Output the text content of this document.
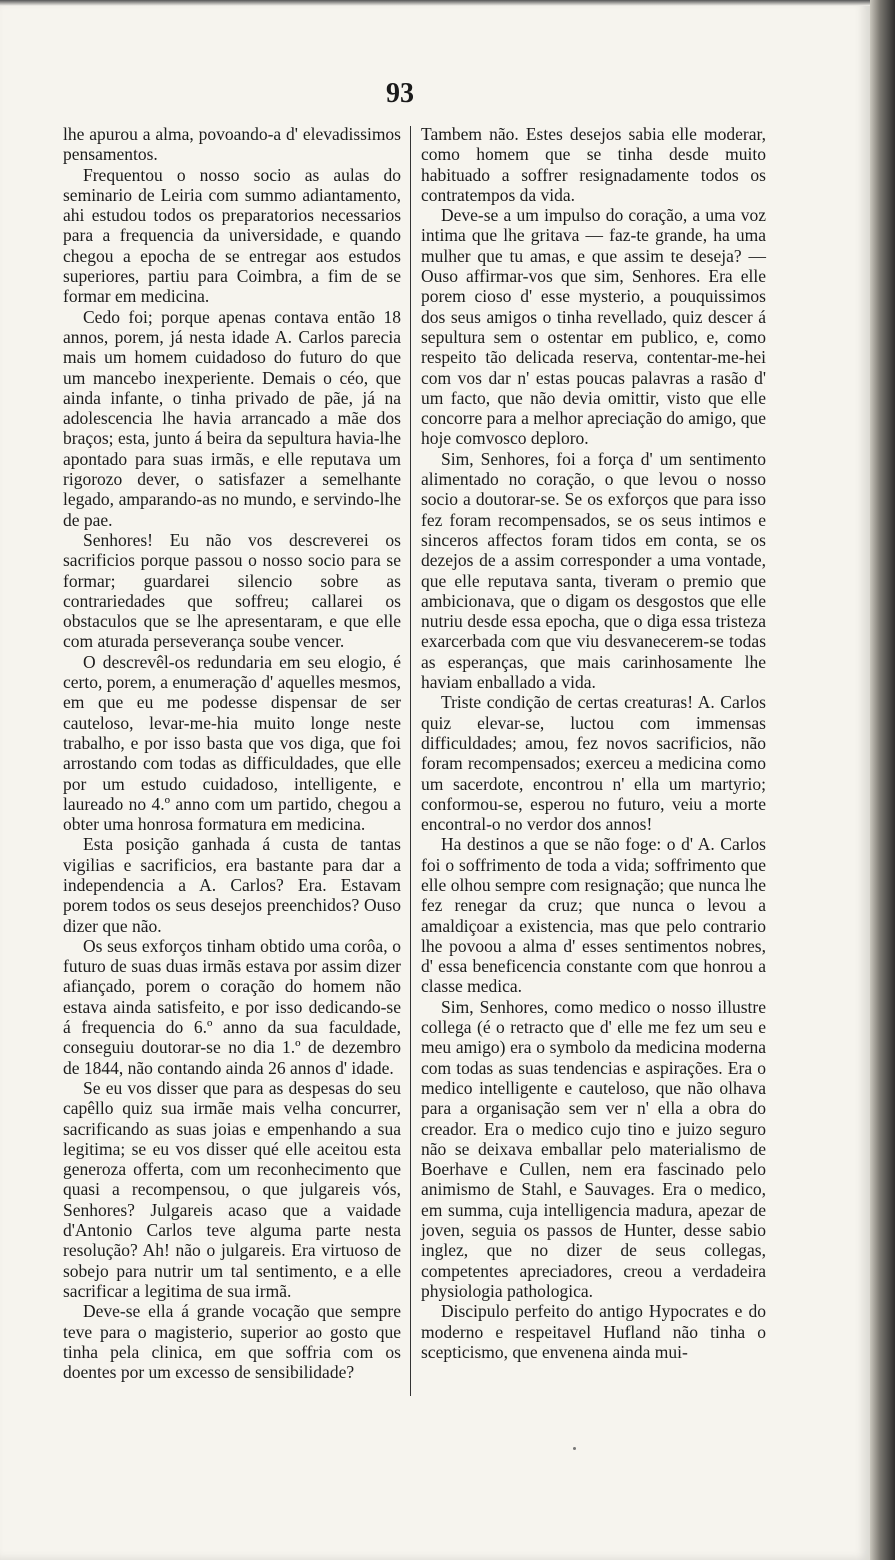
93

lhe apurou a alma, povoando-a d' elevadissimos pensamentos.

Frequentou o nosso socio as aulas do seminario de Leiria com summo adiantamento, ahi estudou todos os preparatorios necessarios para a frequencia da universidade, e quando chegou a epocha de se entregar aos estudos superiores, partiu para Coimbra, a fim de se formar em medicina.

Cedo foi; porque apenas contava então 18 annos, porem, já nesta idade A. Carlos parecia mais um homem cuidadoso do futuro do que um mancebo inexperiente. Demais o céo, que ainda infante, o tinha privado de pãe, já na adolescencia lhe havia arrancado a mãe dos braços; esta, junto á beira da sepultura havia-lhe apontado para suas irmãs, e elle reputava um rigorozo dever, o satisfazer a semelhante legado, amparando-as no mundo, e servindo-lhe de pae.

Senhores! Eu não vos descreverei os sacrificios porque passou o nosso socio para se formar; guardarei silencio sobre as contrariedades que soffreu; callarei os obstaculos que se lhe apresentaram, e que elle com aturada perseverança soube vencer.

O descrevêl-os redundaria em seu elogio, é certo, porem, a enumeração d' aquelles mesmos, em que eu me podesse dispensar de ser cauteloso, levar-me-hia muito longe neste trabalho, e por isso basta que vos diga, que foi arrostando com todas as difficuldades, que elle por um estudo cuidadoso, intelligente, e laureado no 4.º anno com um partido, chegou a obter uma honrosa formatura em medicina.

Esta posição ganhada á custa de tantas vigilias e sacrificios, era bastante para dar a independencia a A. Carlos? Era. Estavam porem todos os seus desejos preenchidos? Ouso dizer que não.

Os seus exforços tinham obtido uma corôa, o futuro de suas duas irmãs estava por assim dizer afiançado, porem o coração do homem não estava ainda satisfeito, e por isso dedicando-se á frequencia do 6.º anno da sua faculdade, conseguiu doutorar-se no dia 1.º de dezembro de 1844, não contando ainda 26 annos d' idade.

Se eu vos disser que para as despesas do seu capêllo quiz sua irmãe mais velha concurrer, sacrificando as suas joias e empenhando a sua legitima; se eu vos disser qué elle aceitou esta generoza offerta, com um reconhecimento que quasi a recompensou, o que julgareis vós, Senhores? Julgareis acaso que a vaidade d'Antonio Carlos teve alguma parte nesta resolução? Ah! não o julgareis. Era virtuoso de sobejo para nutrir um tal sentimento, e a elle sacrificar a legitima de sua irmã.

Deve-se ella á grande vocação que sempre teve para o magisterio, superior ao gosto que tinha pela clinica, em que soffria com os doentes por um excesso de sensibilidade?

Tambem não. Estes desejos sabia elle moderar, como homem que se tinha desde muito habituado a soffrer resignadamente todos os contratempos da vida.

Deve-se a um impulso do coração, a uma voz intima que lhe gritava — faz-te grande, ha uma mulher que tu amas, e que assim te deseja? — Ouso affirmar-vos que sim, Senhores. Era elle porem cioso d' esse mysterio, a pouquissimos dos seus amigos o tinha revellado, quiz descer á sepultura sem o ostentar em publico, e, como respeito tão delicada reserva, contentar-me-hei com vos dar n' estas poucas palavras a rasão d' um facto, que não devia omittir, visto que elle concorre para a melhor apreciação do amigo, que hoje comvosco deploro.

Sim, Senhores, foi a força d' um sentimento alimentado no coração, o que levou o nosso socio a doutorar-se. Se os exforços que para isso fez foram recompensados, se os seus intimos e sinceros affectos foram tidos em conta, se os dezejos de a assim corresponder a uma vontade, que elle reputava santa, tiveram o premio que ambicionava, que o digam os desgostos que elle nutriu desde essa epocha, que o diga essa tristeza exarcerbada com que viu desvanecerem-se todas as esperanças, que mais carinhosamente lhe haviam enballado a vida.

Triste condição de certas creaturas! A. Carlos quiz elevar-se, luctou com immensas difficuldades; amou, fez novos sacrificios, não foram recompensados; exerceu a medicina como um sacerdote, encontrou n' ella um martyrio; conformou-se, esperou no futuro, veiu a morte encontral-o no verdor dos annos!

Ha destinos a que se não foge: o d' A. Carlos foi o soffrimento de toda a vida; soffrimento que elle olhou sempre com resignação; que nunca lhe fez renegar da cruz; que nunca o levou a amaldiçoar a existencia, mas que pelo contrario lhe povoou a alma d' esses sentimentos nobres, d' essa beneficencia constante com que honrou a classe medica.

Sim, Senhores, como medico o nosso illustre collega (é o retracto que d' elle me fez um seu e meu amigo) era o symbolo da medicina moderna com todas as suas tendencias e aspirações. Era o medico intelligente e cauteloso, que não olhava para a organisação sem ver n' ella a obra do creador. Era o medico cujo tino e juizo seguro não se deixava emballar pelo materialismo de Boerhave e Cullen, nem era fascinado pelo animismo de Stahl, e Sauvages. Era o medico, em summa, cuja intelligencia madura, apezar de joven, seguia os passos de Hunter, desse sabio inglez, que no dizer de seus collegas, competentes apreciadores, creou a verdadeira physiologia pathologica.

Discipulo perfeito do antigo Hypocrates e do moderno e respeitavel Hufland não tinha o scepticismo, que envenena ainda mui-
